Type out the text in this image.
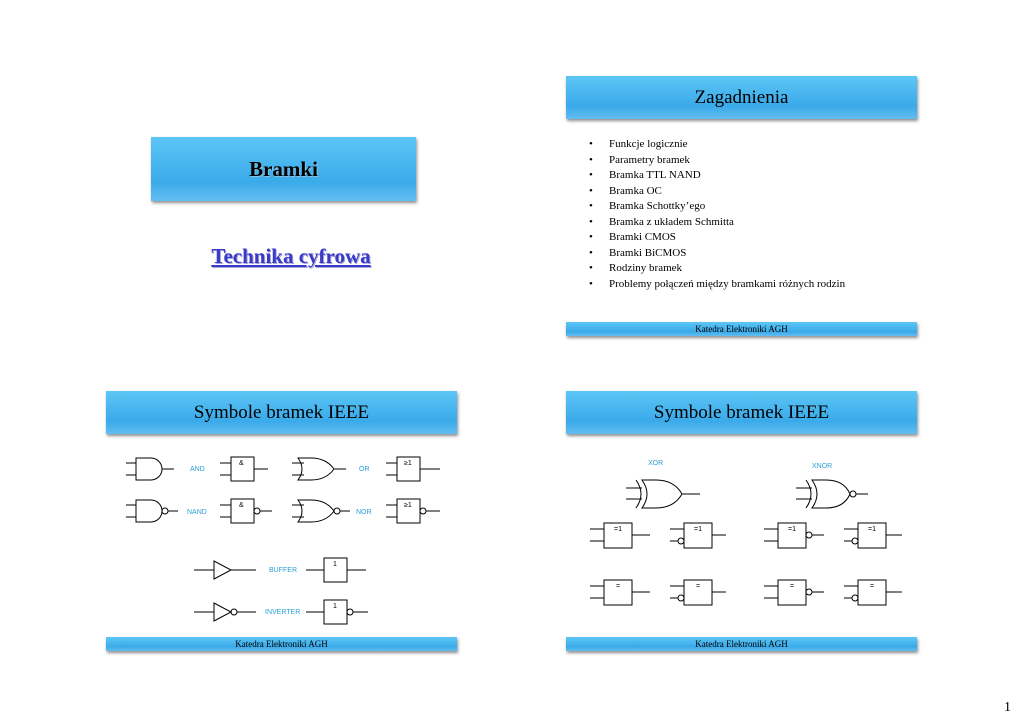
Bramki
Technika cyfrowa
Zagadnienia
• Funkcje logicznie
• Parametry bramek
• Bramka TTL NAND
• Bramka OC
• Bramka Schottky’ego
• Bramka z układem Schmitta
• Bramki CMOS
• Bramki BiCMOS
• Rodziny bramek
• Problemy połączeń między bramkami różnych rodzin
Katedra Elektroniki AGH
Symbole bramek IEEE
AND	OR
NAND	NOR
BUFFER
INVERTER
&
&
≥1
≥1
1
1
Katedra Elektroniki AGH
Symbole bramek IEEE
XOR	XNOR
=1	=1	=1	=1
=	=	=	=
Katedra Elektroniki AGH
1
